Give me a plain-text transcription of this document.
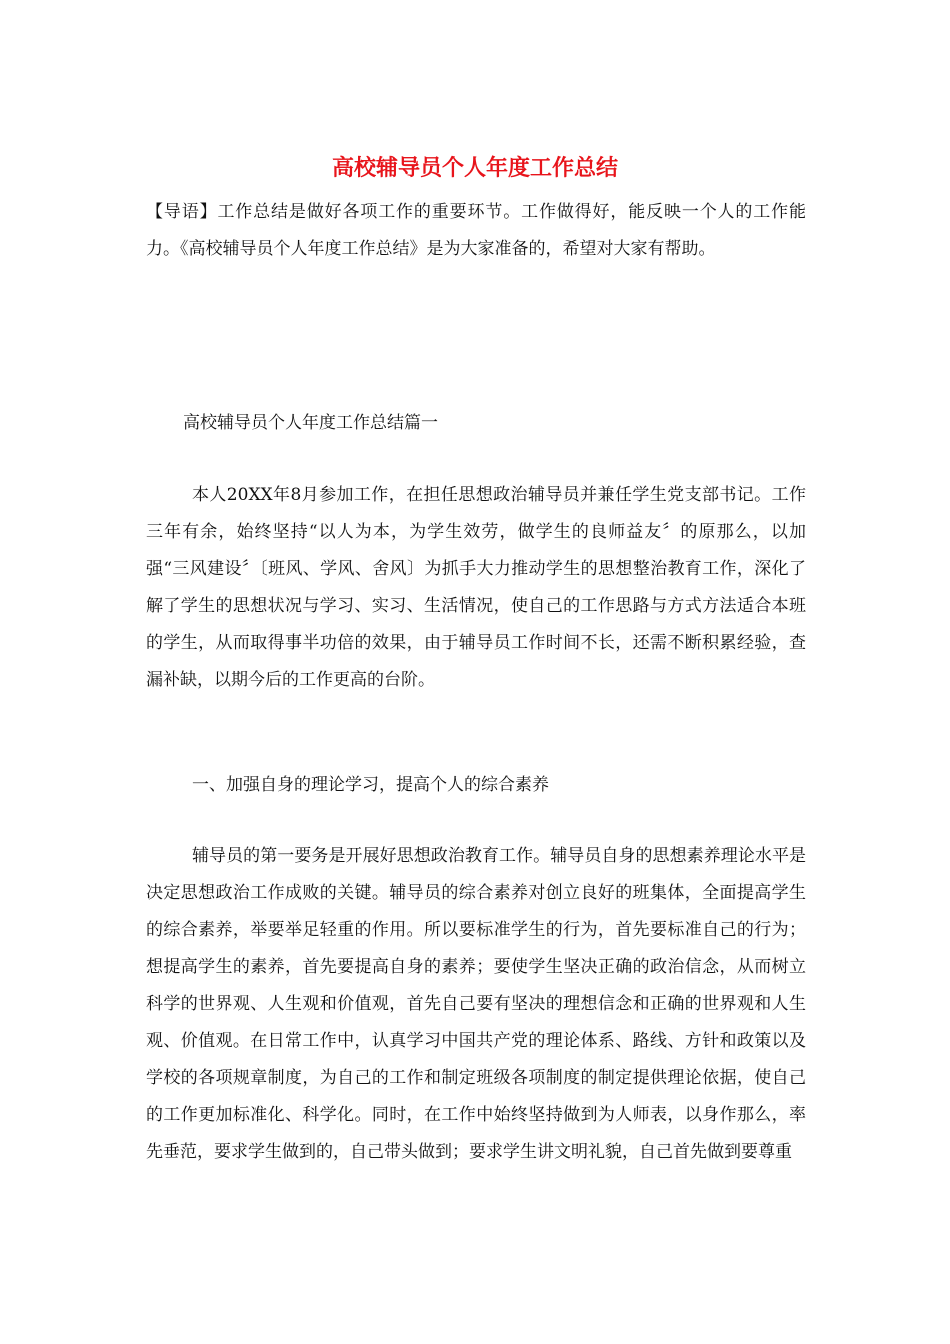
高校辅导员个人年度工作总结

【导语】工作总结是做好各项工作的重要环节。工作做得好，能反映一个人的工作能力。《高校辅导员个人年度工作总结》是为大家准备的，希望对大家有帮助。

高校辅导员个人年度工作总结篇一

本人20XX年8月参加工作，在担任思想政治辅导员并兼任学生党支部书记。工作三年有余，始终坚持“以人为本，为学生效劳，做学生的良师益友〞的原那么，以加强“三风建设〞〔班风、学风、舍风〕为抓手大力推动学生的思想整治教育工作，深化了解了学生的思想状况与学习、实习、生活情况，使自己的工作思路与方式方法适合本班的学生，从而取得事半功倍的效果，由于辅导员工作时间不长，还需不断积累经验，查漏补缺，以期今后的工作更高的台阶。

一、加强自身的理论学习，提高个人的综合素养

辅导员的第一要务是开展好思想政治教育工作。辅导员自身的思想素养理论水平是决定思想政治工作成败的关键。辅导员的综合素养对创立良好的班集体，全面提高学生的综合素养，举要举足轻重的作用。所以要标准学生的行为，首先要标准自己的行为；想提高学生的素养，首先要提高自身的素养；要使学生坚决正确的政治信念，从而树立科学的世界观、人生观和价值观，首先自己要有坚决的理想信念和正确的世界观和人生观、价值观。在日常工作中，认真学习中国共产党的理论体系、路线、方针和政策以及学校的各项规章制度，为自己的工作和制定班级各项制度的制定提供理论依据，使自己的工作更加标准化、科学化。同时，在工作中始终坚持做到为人师表，以身作那么，率先垂范，要求学生做到的，自己带头做到；要求学生讲文明礼貌，自己首先做到要尊重
